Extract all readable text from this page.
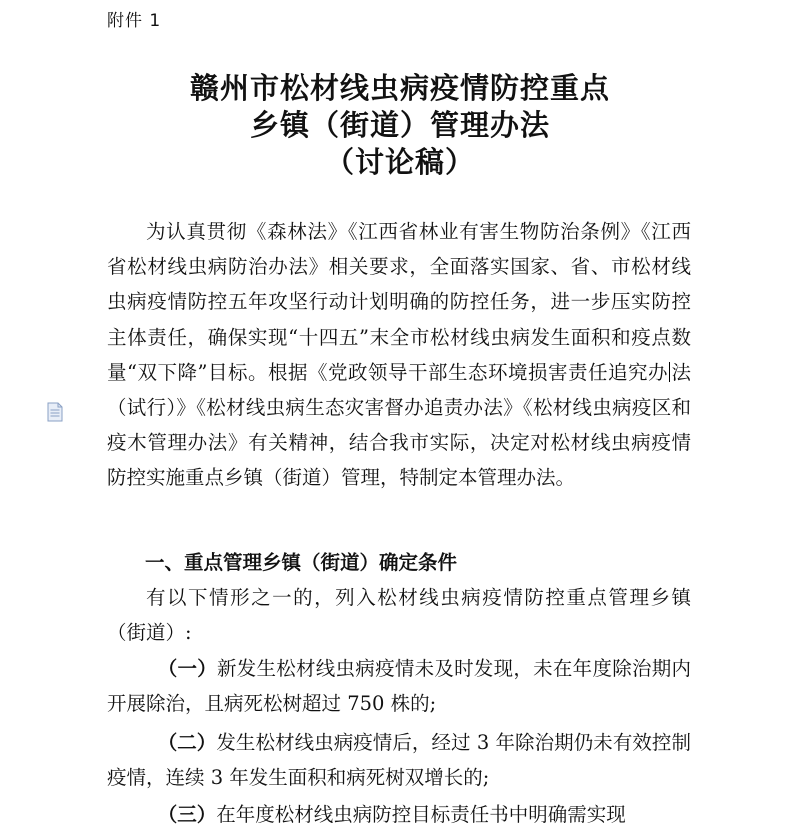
附件 1
赣州市松材线虫病疫情防控重点
乡镇（街道）管理办法
（讨论稿）
为认真贯彻《森林法》《江西省林业有害生物防治条例》《江西省松材线虫病防治办法》相关要求，全面落实国家、省、市松材线虫病疫情防控五年攻坚行动计划明确的防控任务，进一步压实防控主体责任，确保实现“十四五”末全市松材线虫病发生面积和疫点数量“双下降”目标。根据《党政领导干部生态环境损害责任追究办 法（试行）》《松材线虫病生态灾害督办追责办法》《松材线虫病疫区和疫木管理办法》有关精神，结合我市实际，决定对松材线虫病疫情防控实施重点乡镇（街道）管理，特制定本管理办法。
一、重点管理乡镇（街道）确定条件
有以下情形之一的，列入松材线虫病疫情防控重点管理乡镇（街道）:
（一）新发生松材线虫病疫情未及时发现，未在年度除治期内开展除治，且病死松树超过 750 株的;
（二）发生松材线虫病疫情后，经过 3 年除治期仍未有效控制疫情，连续 3 年发生面积和病死树双增长的;
（三）在年度松材线虫病防控目标责任书中明确需实现
